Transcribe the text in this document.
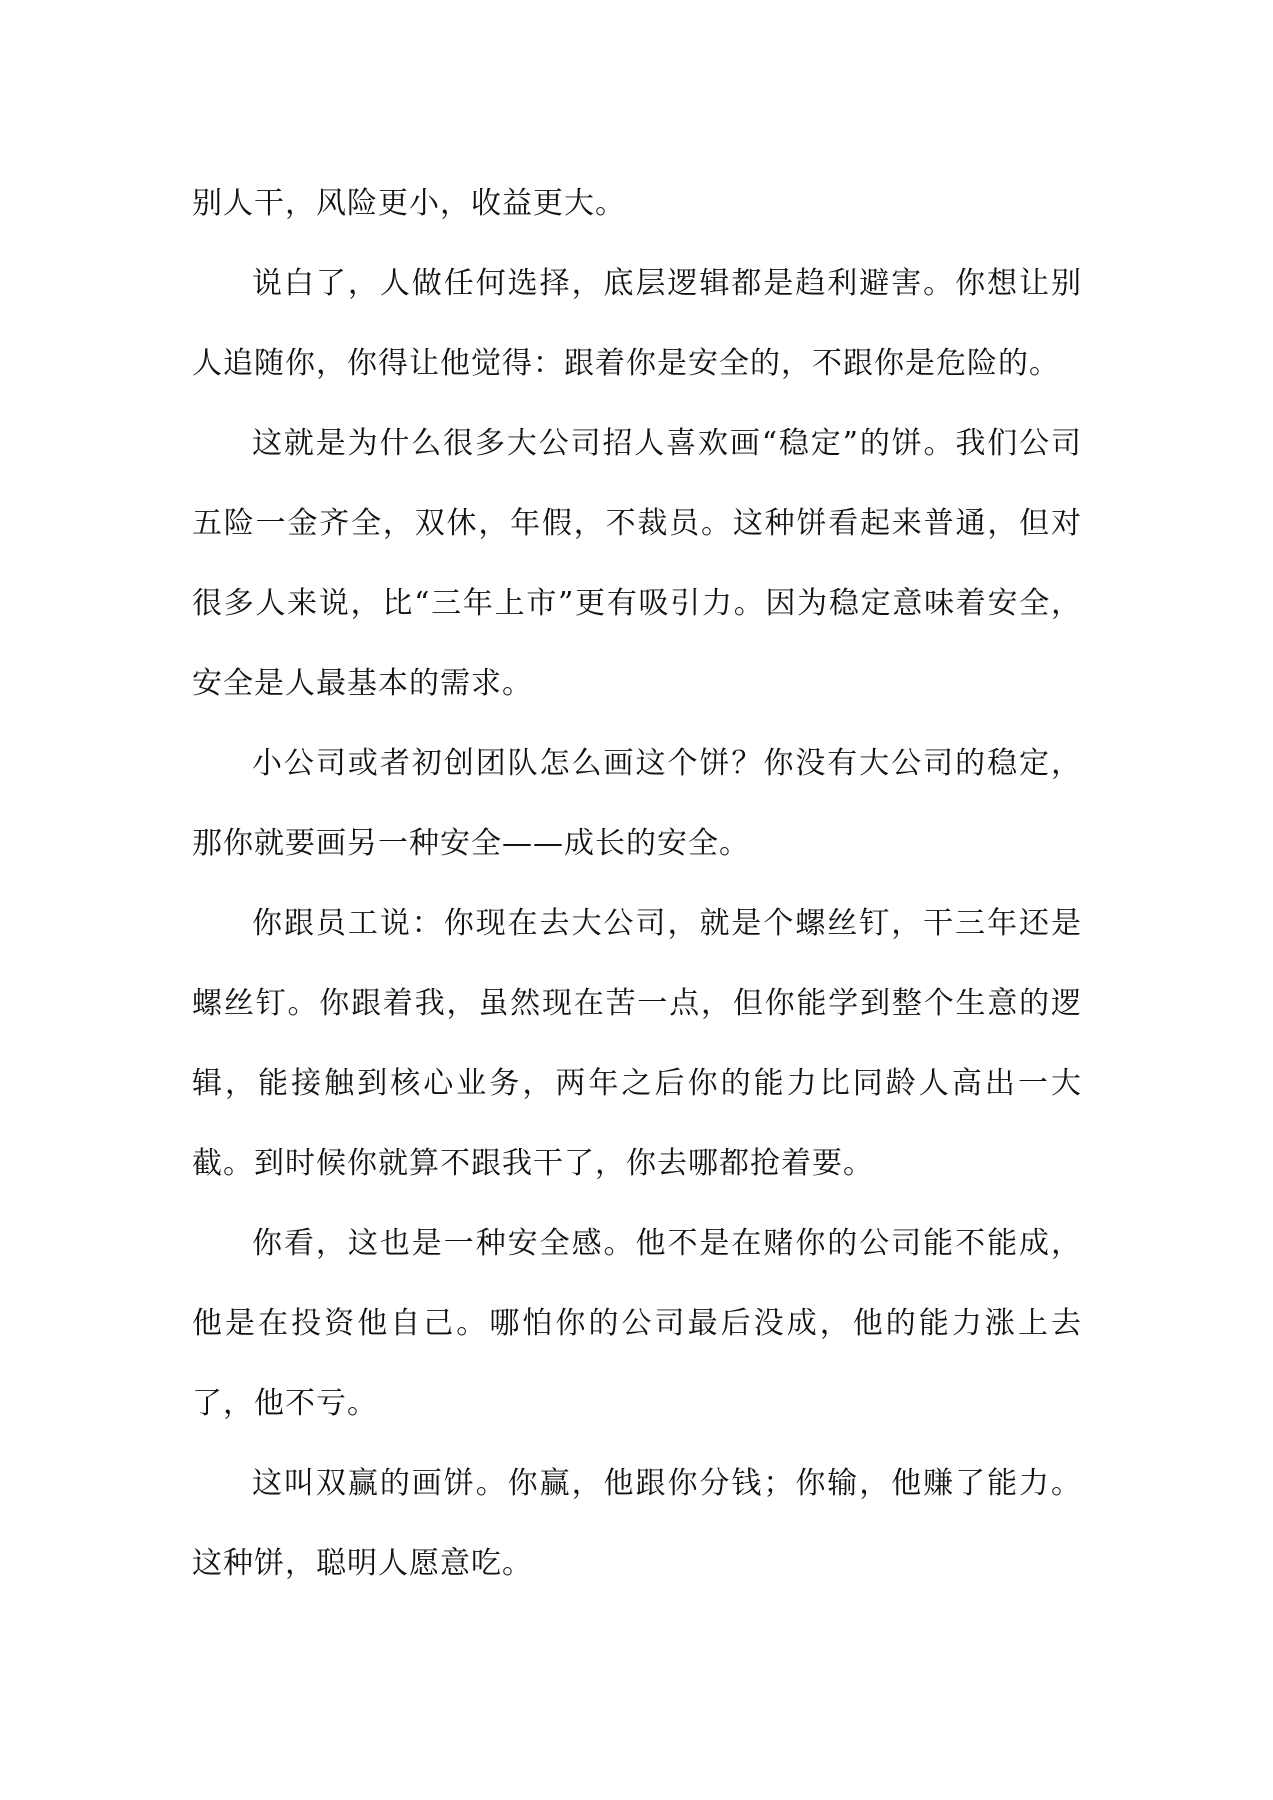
别人干，风险更小，收益更大。

说白了，人做任何选择，底层逻辑都是趋利避害。你想让别人追随你，你得让他觉得：跟着你是安全的，不跟你是危险的。

这就是为什么很多大公司招人喜欢画“稳定”的饼。我们公司五险一金齐全，双休，年假，不裁员。这种饼看起来普通，但对很多人来说，比“三年上市”更有吸引力。因为稳定意味着安全，安全是人最基本的需求。

小公司或者初创团队怎么画这个饼？你没有大公司的稳定，那你就要画另一种安全——成长的安全。

你跟员工说：你现在去大公司，就是个螺丝钉，干三年还是螺丝钉。你跟着我，虽然现在苦一点，但你能学到整个生意的逻辑，能接触到核心业务，两年之后你的能力比同龄人高出一大截。到时候你就算不跟我干了，你去哪都抢着要。

你看，这也是一种安全感。他不是在赌你的公司能不能成，他是在投资他自己。哪怕你的公司最后没成，他的能力涨上去了，他不亏。

这叫双赢的画饼。你赢，他跟你分钱；你输，他赚了能力。这种饼，聪明人愿意吃。
